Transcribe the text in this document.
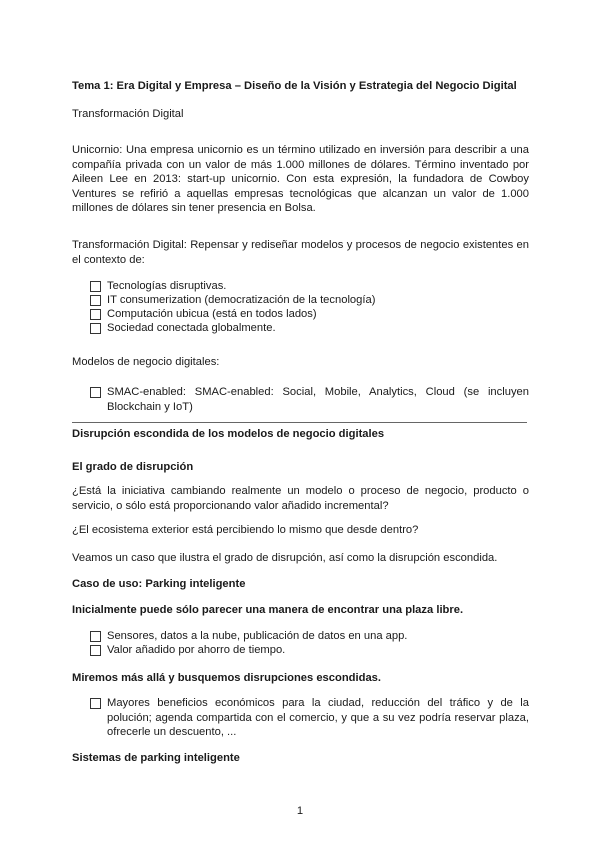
Tema 1: Era Digital y Empresa – Diseño de la Visión y Estrategia del Negocio Digital
Transformación Digital
Unicornio: Una empresa unicornio es un término utilizado en inversión para describir a una compañía privada con un valor de más 1.000 millones de dólares. Término inventado por Aileen Lee en 2013: start-up unicornio. Con esta expresión, la fundadora de Cowboy Ventures se refirió a aquellas empresas tecnológicas que alcanzan un valor de 1.000 millones de dólares sin tener presencia en Bolsa.
Transformación Digital: Repensar y rediseñar modelos y procesos de negocio existentes en el contexto de:
Tecnologías disruptivas.
IT consumerization (democratización de la tecnología)
Computación ubicua (está en todos lados)
Sociedad conectada globalmente.
Modelos de negocio digitales:
SMAC-enabled: SMAC-enabled: Social, Mobile, Analytics, Cloud (se incluyen Blockchain y IoT)
Disrupción escondida de los modelos de negocio digitales
El grado de disrupción
¿Está la iniciativa cambiando realmente un modelo o proceso de negocio, producto o servicio, o sólo está proporcionando valor añadido incremental?
¿El ecosistema exterior está percibiendo lo mismo que desde dentro?
Veamos un caso que ilustra el grado de disrupción, así como la disrupción escondida.
Caso de uso: Parking inteligente
Inicialmente puede sólo parecer una manera de encontrar una plaza libre.
Sensores, datos a la nube, publicación de datos en una app.
Valor añadido por ahorro de tiempo.
Miremos más allá y busquemos disrupciones escondidas.
Mayores beneficios económicos para la ciudad, reducción del tráfico y de la polución; agenda compartida con el comercio, y que a su vez podría reservar plaza, ofrecerle un descuento, ...
Sistemas de parking inteligente
1
